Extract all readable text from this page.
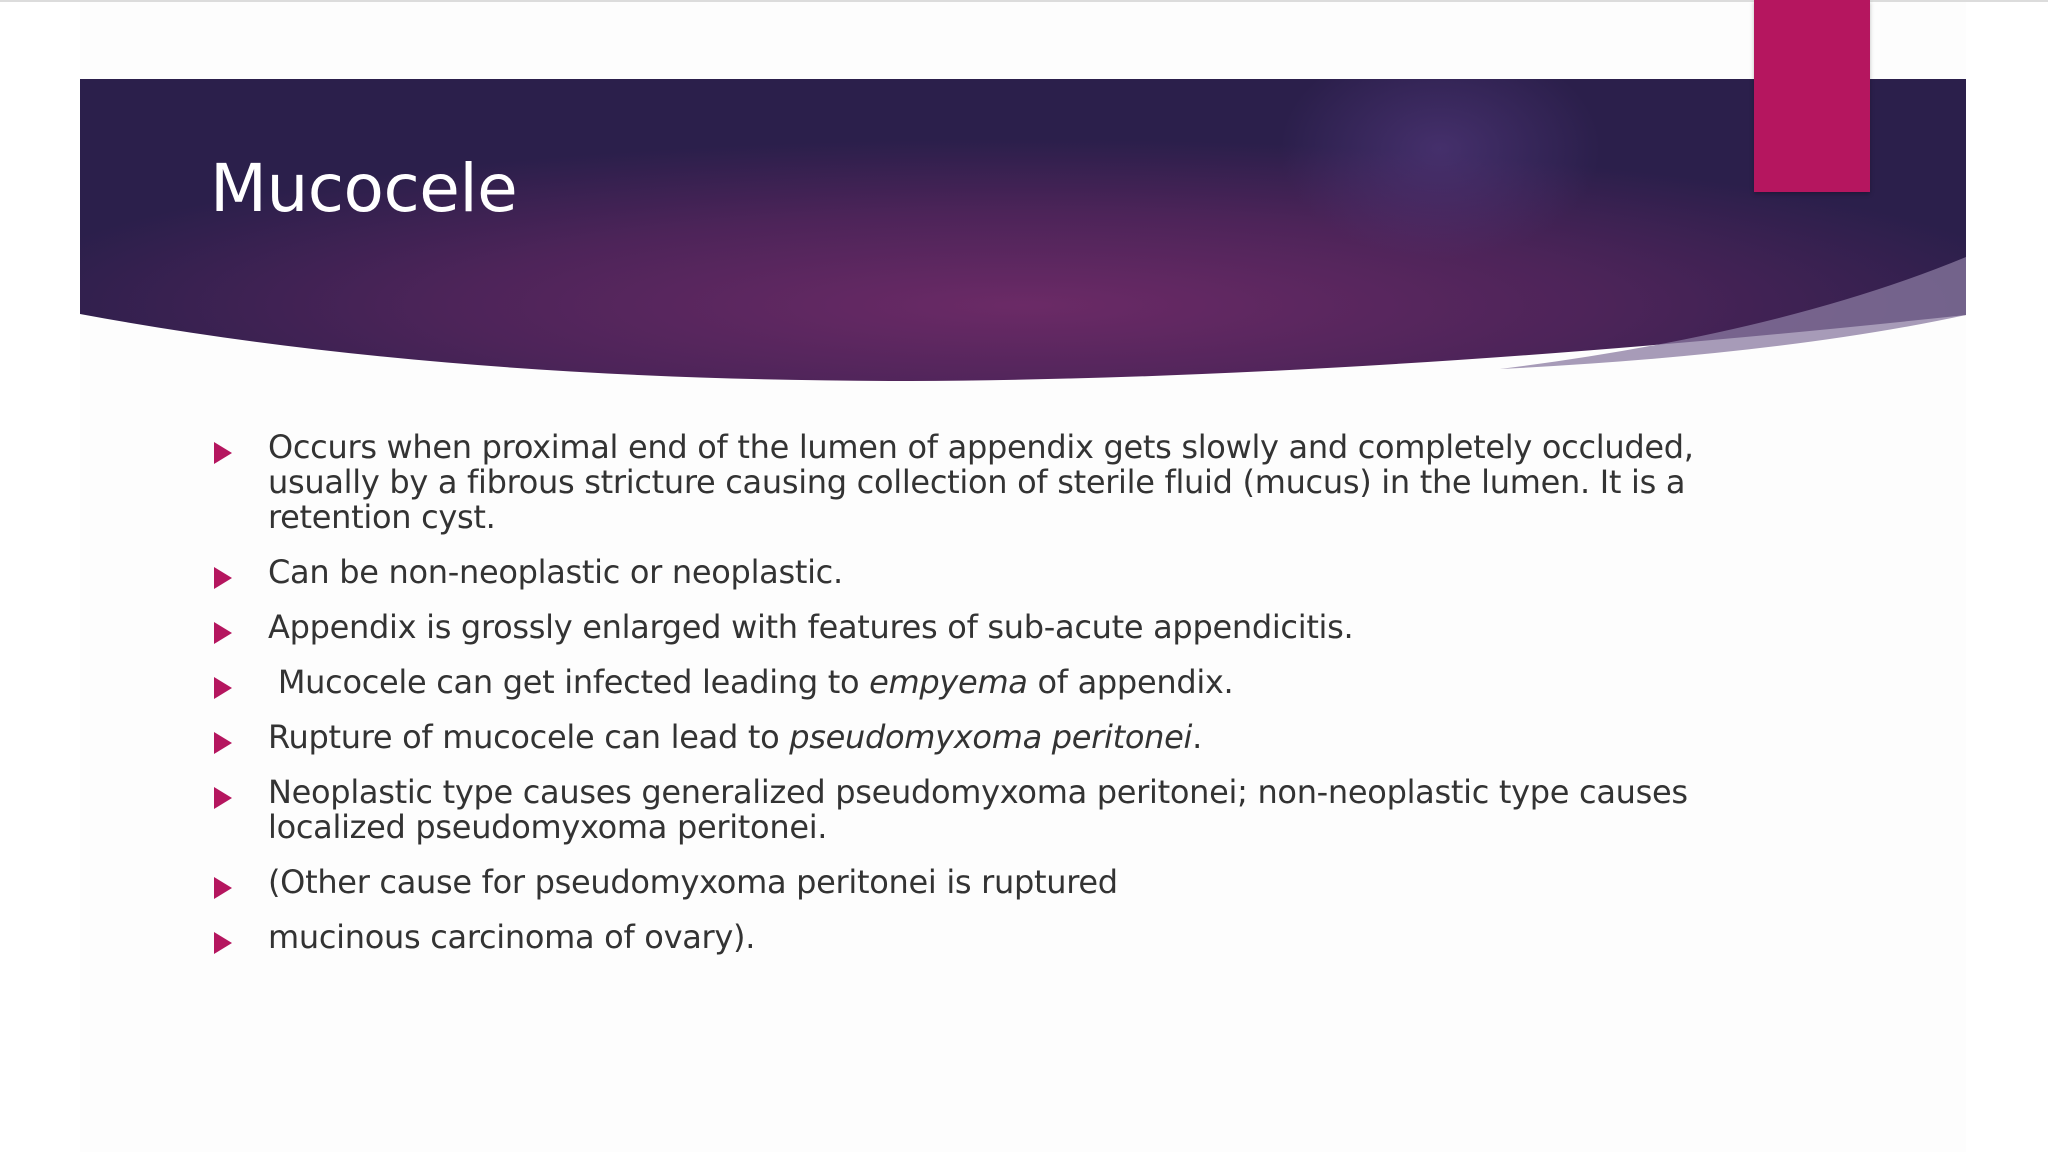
Mucocele
Occurs when proximal end of the lumen of appendix gets slowly and completely occluded, usually by a fibrous stricture causing collection of sterile fluid (mucus) in the lumen. It is a retention cyst.
Can be non-neoplastic or neoplastic.
Appendix is grossly enlarged with features of sub-acute appendicitis.
Mucocele can get infected leading to empyema of appendix.
Rupture of mucocele can lead to pseudomyxoma peritonei.
Neoplastic type causes generalized pseudomyxoma peritonei; non-neoplastic type causes localized pseudomyxoma peritonei.
(Other cause for pseudomyxoma peritonei is ruptured
mucinous carcinoma of ovary).
